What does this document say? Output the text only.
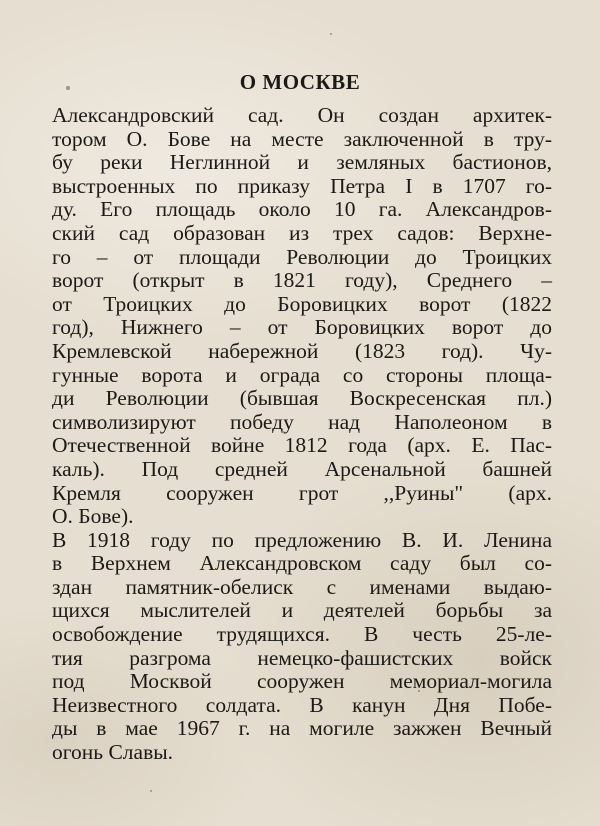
О МОСКВЕ
Александровский сад. Он создан архитек-
тором О. Бове на месте заключенной в тру-
бу реки Неглинной и земляных бастионов,
выстроенных по приказу Петра I в 1707 го-
ду. Его площадь около 10 га. Александров-
ский сад образован из трех садов: Верхне-
го – от площади Революции до Троицких
ворот (открыт в 1821 году), Среднего –
от Троицких до Боровицких ворот (1822
год), Нижнего – от Боровицких ворот до
Кремлевской набережной (1823 год). Чу-
гунные ворота и ограда со стороны площа-
ди Революции (бывшая Воскресенская пл.)
символизируют победу над Наполеоном в
Отечественной войне 1812 года (арх. Е. Пас-
каль). Под средней Арсенальной башней
Кремля сооружен грот ,,Руины" (арх.
О. Бове).
В 1918 году по предложению В. И. Ленина
в Верхнем Александровском саду был со-
здан памятник-обелиск с именами выдаю-
щихся мыслителей и деятелей борьбы за
освобождение трудящихся. В честь 25-ле-
тия разгрома немецко-фашистских войск
под Москвой сооружен мемориал-могила
Неизвестного солдата. В канун Дня Побе-
ды в мае 1967 г. на могиле зажжен Вечный
огонь Славы.
